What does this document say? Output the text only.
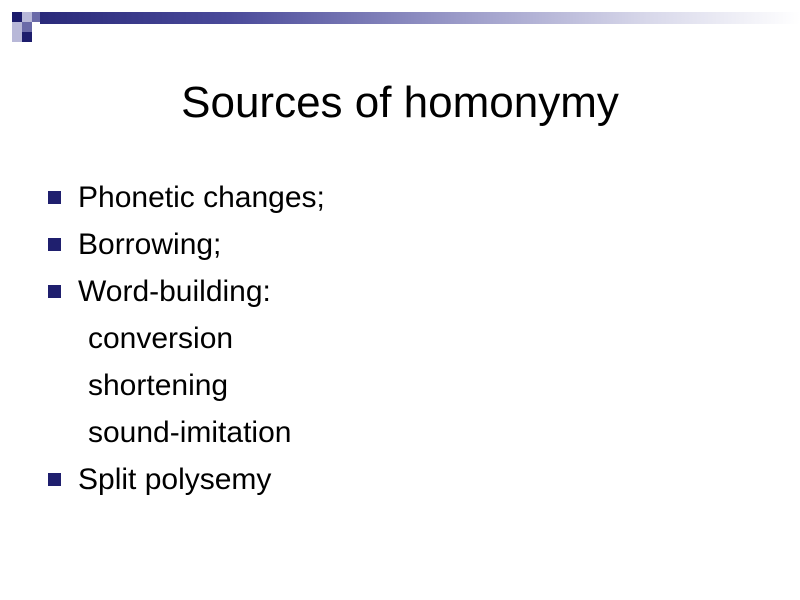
Sources of homonymy
Phonetic changes;
Borrowing;
Word-building:
conversion
shortening
sound-imitation
Split polysemy
